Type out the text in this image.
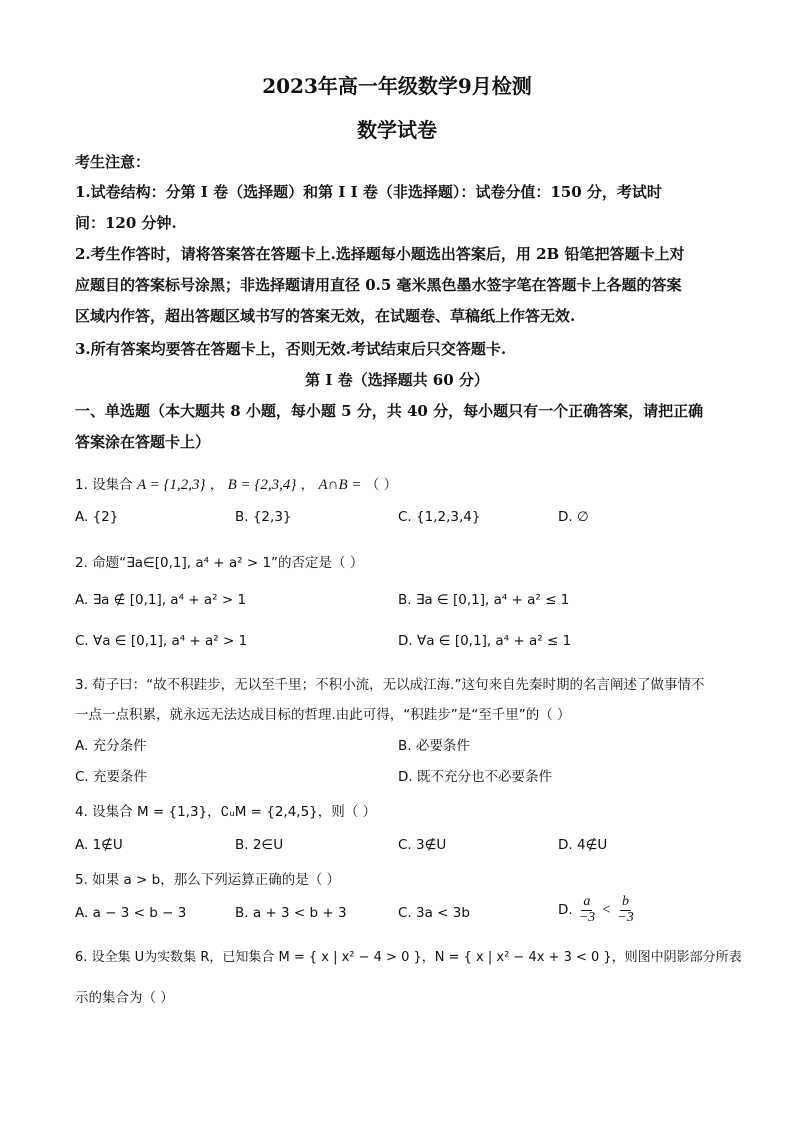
2023年高一年级数学9月检测
数学试卷
考生注意：
1.试卷结构：分第 I 卷（选择题）和第 I I 卷（非选择题）：试卷分值：150 分，考试时
间：120 分钟.
2.考生作答时，请将答案答在答题卡上.选择题每小题选出答案后，用 2B 铅笔把答题卡上对
应题目的答案标号涂黑；非选择题请用直径 0.5 毫米黑色墨水签字笔在答题卡上各题的答案
区域内作答，超出答题区域书写的答案无效，在试题卷、草稿纸上作答无效.
3.所有答案均要答在答题卡上，否则无效.考试结束后只交答题卡.
第 I 卷（选择题共 60 分）
一、单选题（本大题共 8 小题，每小题 5 分，共 40 分，每小题只有一个正确答案，请把正确
答案涂在答题卡上）
1. 设集合 A = {1,2,3} ， B = {2,3,4} ， A∩B = （ ）
A. {2}	B. {2,3}	C. {1,2,3,4}	D. ∅
2. 命题“∃a∈[0,1], a⁴ + a² > 1”的否定是（ ）
A. ∃a ∉ [0,1], a⁴ + a² > 1	B. ∃a ∈ [0,1], a⁴ + a² ≤ 1
C. ∀a ∈ [0,1], a⁴ + a² > 1	D. ∀a ∈ [0,1], a⁴ + a² ≤ 1
3. 荀子曰：“故不积跬步，无以至千里；不积小流，无以成江海.”这句来自先秦时期的名言阐述了做事情不
一点一点积累，就永远无法达成目标的哲理.由此可得，“积跬步”是“至千里”的（ ）
A. 充分条件	B. 必要条件
C. 充要条件	D. 既不充分也不必要条件
4. 设集合 M = {1,3}，∁ᵤM = {2,4,5}，则（ ）
A. 1∉U	B. 2∈U	C. 3∉U	D. 4∉U
5. 如果 a > b，那么下列运算正确的是（ ）
A. a − 3 < b − 3	B. a + 3 < b + 3	C. 3a < 3b	D. $\frac{a}{-3} < \frac{b}{-3}$
6. 设全集 U为实数集 R，已知集合 M = { x | x² − 4 > 0 }，N = { x | x² − 4x + 3 < 0 }，则图中阴影部分所表
示的集合为（ ）
